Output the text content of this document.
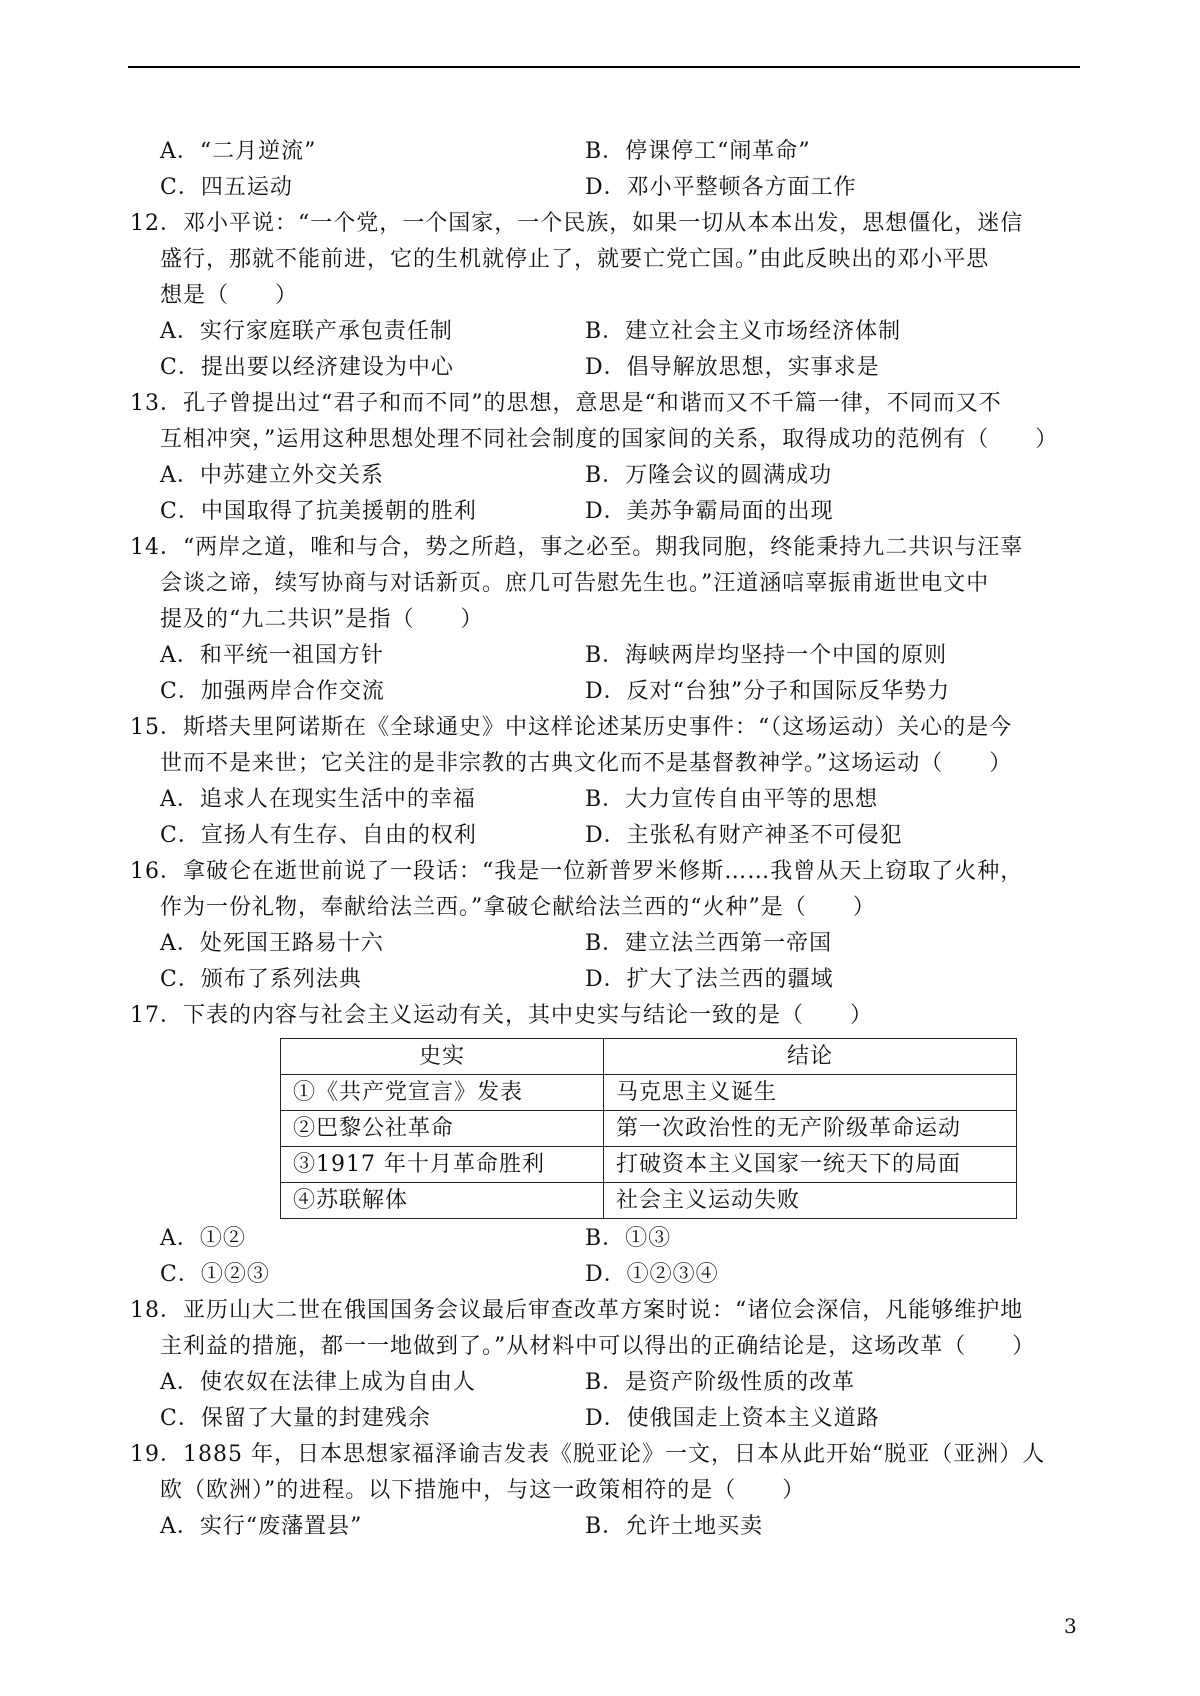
A．“二月逆流”	B．停课停工“闹革命”
C．四五运动	D．邓小平整顿各方面工作
12．邓小平说：“一个党，一个国家，一个民族，如果一切从本本出发，思想僵化，迷信
盛行，那就不能前进，它的生机就停止了，就要亡党亡国。”由此反映出的邓小平思
想是（　　）
A．实行家庭联产承包责任制	B．建立社会主义市场经济体制
C．提出要以经济建设为中心	D．倡导解放思想，实事求是
13．孔子曾提出过“君子和而不同”的思想，意思是“和谐而又不千篇一律，不同而又不
互相冲突，”运用这种思想处理不同社会制度的国家间的关系，取得成功的范例有（　　）
A．中苏建立外交关系	B．万隆会议的圆满成功
C．中国取得了抗美援朝的胜利	D．美苏争霸局面的出现
14．“两岸之道，唯和与合，势之所趋，事之必至。期我同胞，终能秉持九二共识与汪辜
会谈之谛，续写协商与对话新页。庶几可告慰先生也。”汪道涵唁辜振甫逝世电文中
提及的“九二共识”是指（　　）
A．和平统一祖国方针	B．海峡两岸均坚持一个中国的原则
C．加强两岸合作交流	D．反对“台独”分子和国际反华势力
15．斯塔夫里阿诺斯在《全球通史》中这样论述某历史事件：“（这场运动）关心的是今
世而不是来世；它关注的是非宗教的古典文化而不是基督教神学。”这场运动（　　）
A．追求人在现实生活中的幸福	B．大力宣传自由平等的思想
C．宣扬人有生存、自由的权利	D．主张私有财产神圣不可侵犯
16．拿破仑在逝世前说了一段话：“我是一位新普罗米修斯……我曾从天上窃取了火种，
作为一份礼物，奉献给法兰西。”拿破仑献给法兰西的“火种”是（　　）
A．处死国王路易十六	B．建立法兰西第一帝国
C．颁布了系列法典	D．扩大了法兰西的疆域
17．下表的内容与社会主义运动有关，其中史实与结论一致的是（　　）
史实	结论
①《共产党宣言》发表	马克思主义诞生
②巴黎公社革命	第一次政治性的无产阶级革命运动
③1917 年十月革命胜利	打破资本主义国家一统天下的局面
④苏联解体	社会主义运动失败
A．①②	B．①③
C．①②③	D．①②③④
18．亚历山大二世在俄国国务会议最后审查改革方案时说：“诸位会深信，凡能够维护地
主利益的措施，都一一地做到了。”从材料中可以得出的正确结论是，这场改革（　　）
A．使农奴在法律上成为自由人	B．是资产阶级性质的改革
C．保留了大量的封建残余	D．使俄国走上资本主义道路
19．1885 年，日本思想家福泽谕吉发表《脱亚论》一文，日本从此开始“脱亚（亚洲）人
欧（欧洲）”的进程。以下措施中，与这一政策相符的是（　　）
A．实行“废藩置县”	B．允许土地买卖
3
